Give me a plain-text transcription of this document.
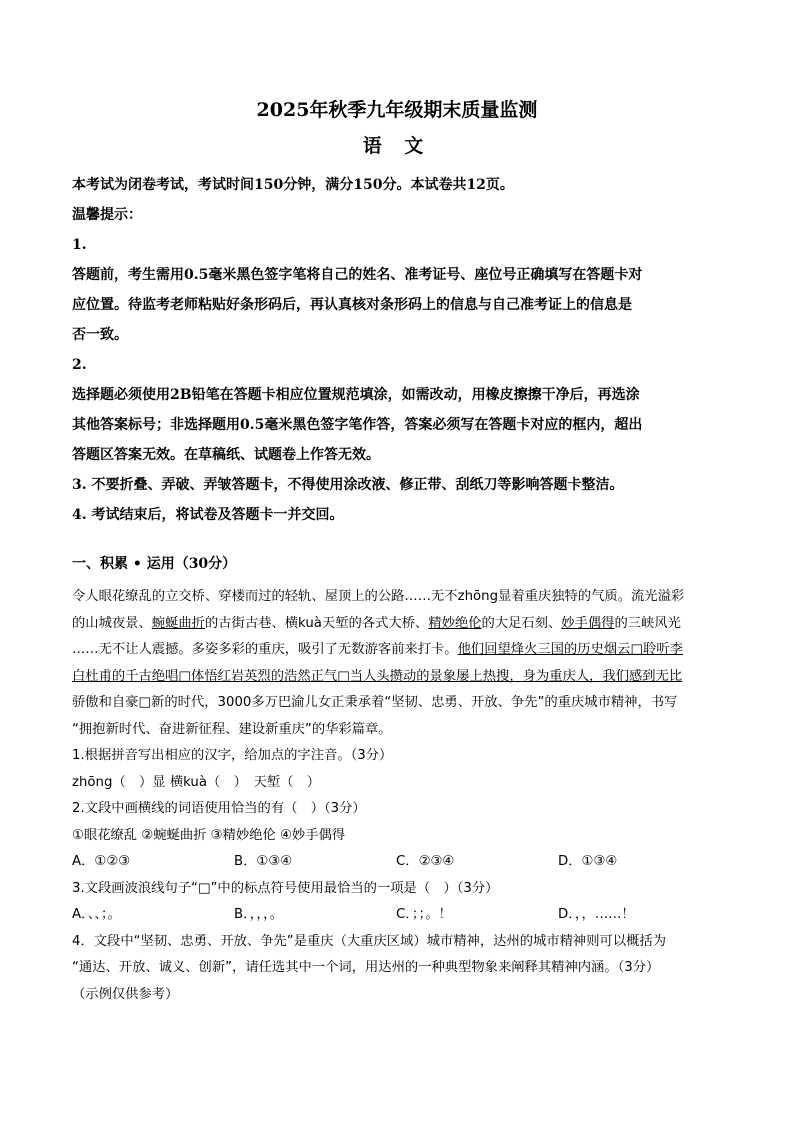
2025年秋季九年级期末质量监测
语 文

本考试为闭卷考试，考试时间150分钟，满分150分。本试卷共12页。

温馨提示：

1.

答题前，考生需用0.5毫米黑色签字笔将自己的姓名、准考证号、座位号正确填写在答题卡对

应位置。待监考老师粘贴好条形码后，再认真核对条形码上的信息与自己准考证上的信息是

否一致。

2.

选择题必须使用2B铅笔在答题卡相应位置规范填涂，如需改动，用橡皮擦擦干净后，再选涂

其他答案标号；非选择题用0.5毫米黑色签字笔作答，答案必须写在答题卡对应的框内，超出

答题区答案无效。在草稿纸、试题卷上作答无效。

3. 不要折叠、弄破、弄皱答题卡，不得使用涂改液、修正带、刮纸刀等影响答题卡整洁。

4. 考试结束后，将试卷及答题卡一并交回。

一、积累 • 运用（30分）

令人眼花缭乱的立交桥、穿楼而过的轻轨、屋顶上的公路……无不zhōng显着重庆独特的气质。流光溢彩

的山城夜景、蜿蜒曲折的古街古巷、横kuà天堑的各式大桥、精妙绝伦的大足石刻、妙手偶得的三峡风光

……无不让人震撼。多姿多彩的重庆，吸引了无数游客前来打卡。他们回望烽火三国的历史烟云□聆听李

白杜甫的千古绝唱□体悟红岩英烈的浩然正气□当人头攒动的景象屡上热搜，身为重庆人，我们感到无比

骄傲和自豪□新的时代，3000多万巴渝儿女正秉承着“坚韧、忠勇、开放、争先”的重庆城市精神，书写

“拥抱新时代、奋进新征程、建设新重庆”的华彩篇章。

1.根据拼音写出相应的汉字，给加点的字注音。（3分）

zhōng（　）显 横kuà（　）　天堑（　）

2.文段中画横线的词语使用恰当的有（　）（3分）

①眼花缭乱 ②蜿蜒曲折 ③精妙绝伦 ④妙手偶得

A．①②③	B．①③④	C．②③④	D．①③④

3.文段画波浪线句子“□”中的标点符号使用最恰当的一项是（　）（3分）

A．、、；。	B．，，，。	C．；；。！	D．，，……！

4．文段中“坚韧、忠勇、开放、争先”是重庆（大重庆区域）城市精神，达州的城市精神则可以概括为

“通达、开放、诚义、创新”，请任选其中一个词，用达州的一种典型物象来阐释其精神内涵。（3分）

（示例仅供参考）
